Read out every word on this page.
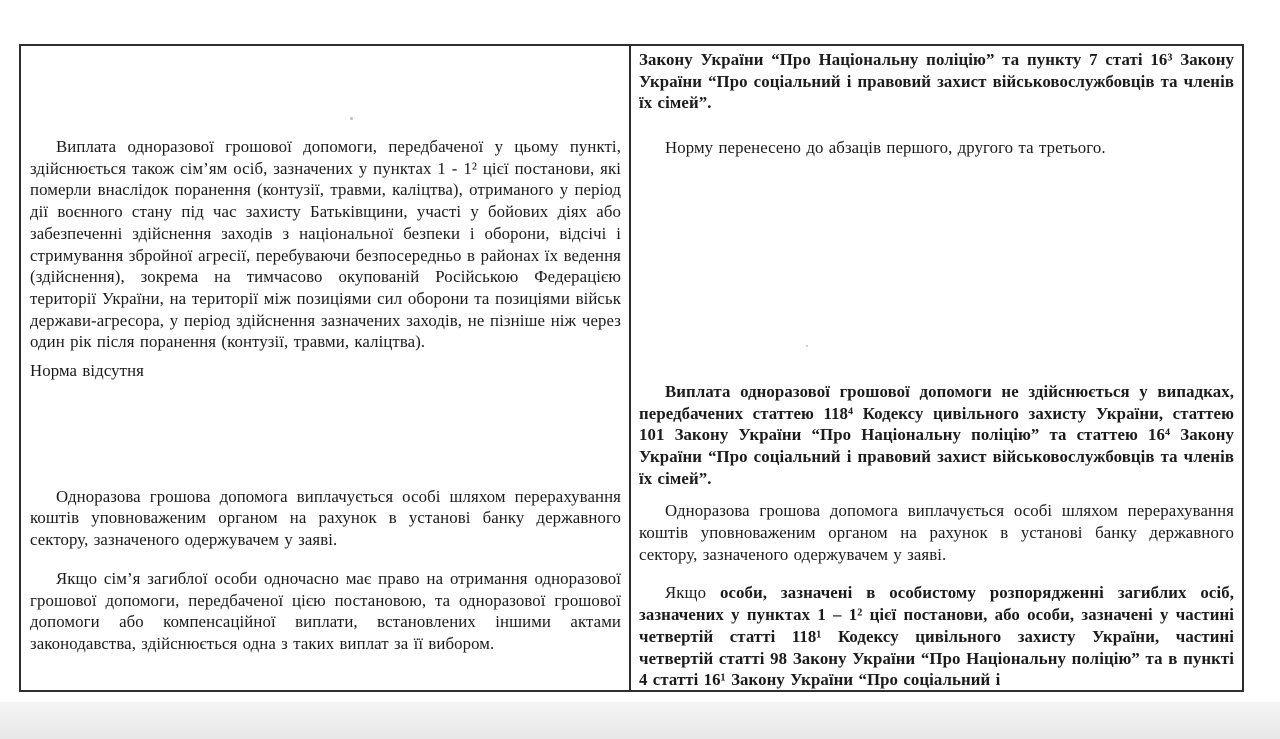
Виплата одноразової грошової допомоги, передбаченої у цьому пункті, здійснюється також сім’ям осіб, зазначених у пунктах 1 - 1² цієї постанови, які померли внаслідок поранення (контузії, травми, каліцтва), отриманого у період дії воєнного стану під час захисту Батьківщини, участі у бойових діях або забезпеченні здійснення заходів з національної безпеки і оборони, відсічі і стримування збройної агресії, перебуваючи безпосередньо в районах їх ведення (здійснення), зокрема на тимчасово окупованій Російською Федерацією території України, на території між позиціями сил оборони та позиціями військ держави-агресора, у період здійснення зазначених заходів, не пізніше ніж через один рік після поранення (контузії, травми, каліцтва).

Норма відсутня

Одноразова грошова допомога виплачується особі шляхом перерахування коштів уповноваженим органом на рахунок в установі банку державного сектору, зазначеного одержувачем у заяві.

Якщо сім’я загиблої особи одночасно має право на отримання одноразової грошової допомоги, передбаченої цією постановою, та одноразової грошової допомоги або компенсаційної виплати, встановлених іншими актами законодавства, здійснюється одна з таких виплат за її вибором.

Закону України “Про Національну поліцію” та пункту 7 статі 16³ Закону України “Про соціальний і правовий захист військовослужбовців та членів їх сімей”.

Норму перенесено до абзаців першого, другого та третього.

Виплата одноразової грошової допомоги не здійснюється у випадках, передбачених статтею 118⁴ Кодексу цивільного захисту України, статтею 101 Закону України “Про Національну поліцію” та статтею 16⁴ Закону України “Про соціальний і правовий захист військовослужбовців та членів їх сімей”.

Одноразова грошова допомога виплачується особі шляхом перерахування коштів уповноваженим органом на рахунок в установі банку державного сектору, зазначеного одержувачем у заяві.

Якщо особи, зазначені в особистому розпорядженні загиблих осіб, зазначених у пунктах 1 – 1² цієї постанови, або особи, зазначені у частині четвертій статті 118¹ Кодексу цивільного захисту України, частині четвертій статті 98 Закону України “Про Національну поліцію” та в пункті 4 статті 16¹ Закону України “Про соціальний і
